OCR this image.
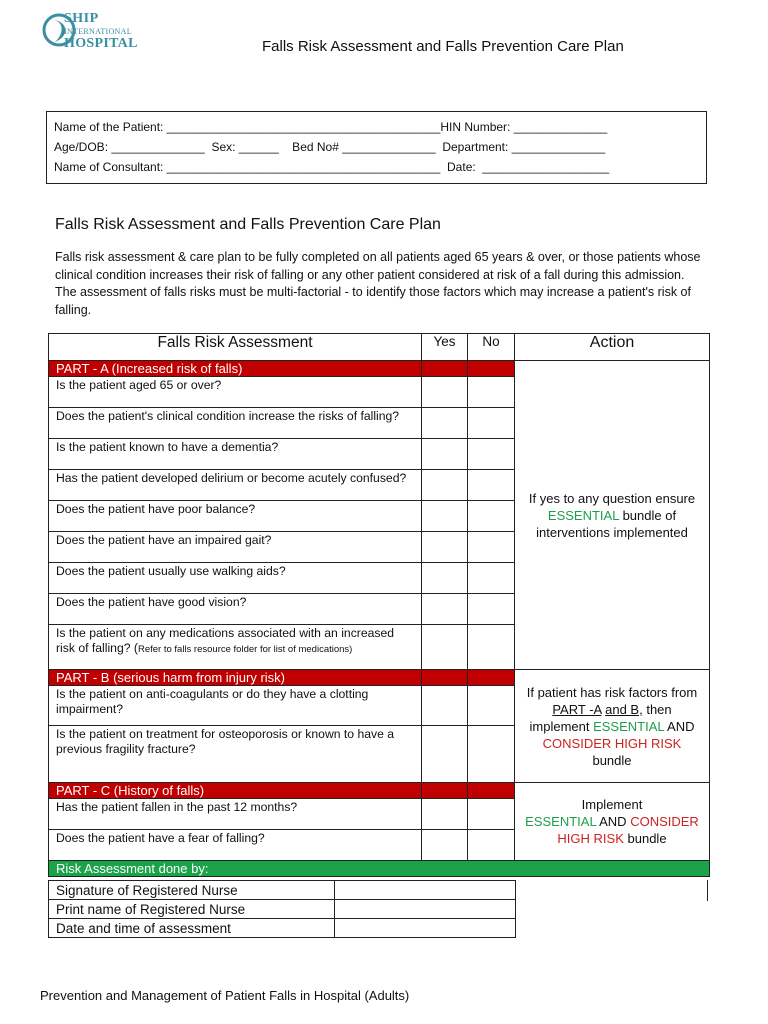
SHIP
INTERNATIONAL
HOSPITAL	Falls Risk Assessment and Falls Prevention Care Plan
Name of the Patient: _________________________________________HIN Number: ______________
Age/DOB: ______________  Sex: ______    Bed No# ______________  Department: ______________
Name of Consultant: _________________________________________  Date:  ___________________
Falls Risk Assessment and Falls Prevention Care Plan
Falls risk assessment & care plan to be fully completed on all patients aged 65 years & over, or those patients whose clinical condition increases their risk of falling or any other patient considered at risk of a fall during this admission. The assessment of falls risks must be multi-factorial - to identify those factors which may increase a patient's risk of falling.
Falls Risk Assessment	Yes	No	Action
PART - A (Increased risk of falls)			If yes to any question ensure ESSENTIAL bundle of interventions implemented
Is the patient aged 65 or over?			
Does the patient's clinical condition increase the risks of falling?			
Is the patient known to have a dementia?			
Has the patient developed delirium or become acutely confused?			
Does the patient have poor balance?			
Does the patient have an impaired gait?			
Does the patient usually use walking aids?			
Does the patient have good vision?			
Is the patient on any medications associated with an increased risk of falling? (Refer to falls resource folder for list of medications)			
PART - B (serious harm from injury risk)			If patient has risk factors from PART -A and B, then implement ESSENTIAL AND CONSIDER HIGH RISK bundle
Is the patient on anti-coagulants or do they have a clotting impairment?			
Is the patient on treatment for osteoporosis or known to have a previous fragility fracture?			
PART - C (History of falls)			Implement
ESSENTIAL AND CONSIDER HIGH RISK bundle
Has the patient fallen in the past 12 months?			
Does the patient have a fear of falling?			
Risk Assessment done by:			
Signature of Registered Nurse	
Print name of Registered Nurse	
Date and time of assessment	
Prevention and Management of Patient Falls in Hospital (Adults)
